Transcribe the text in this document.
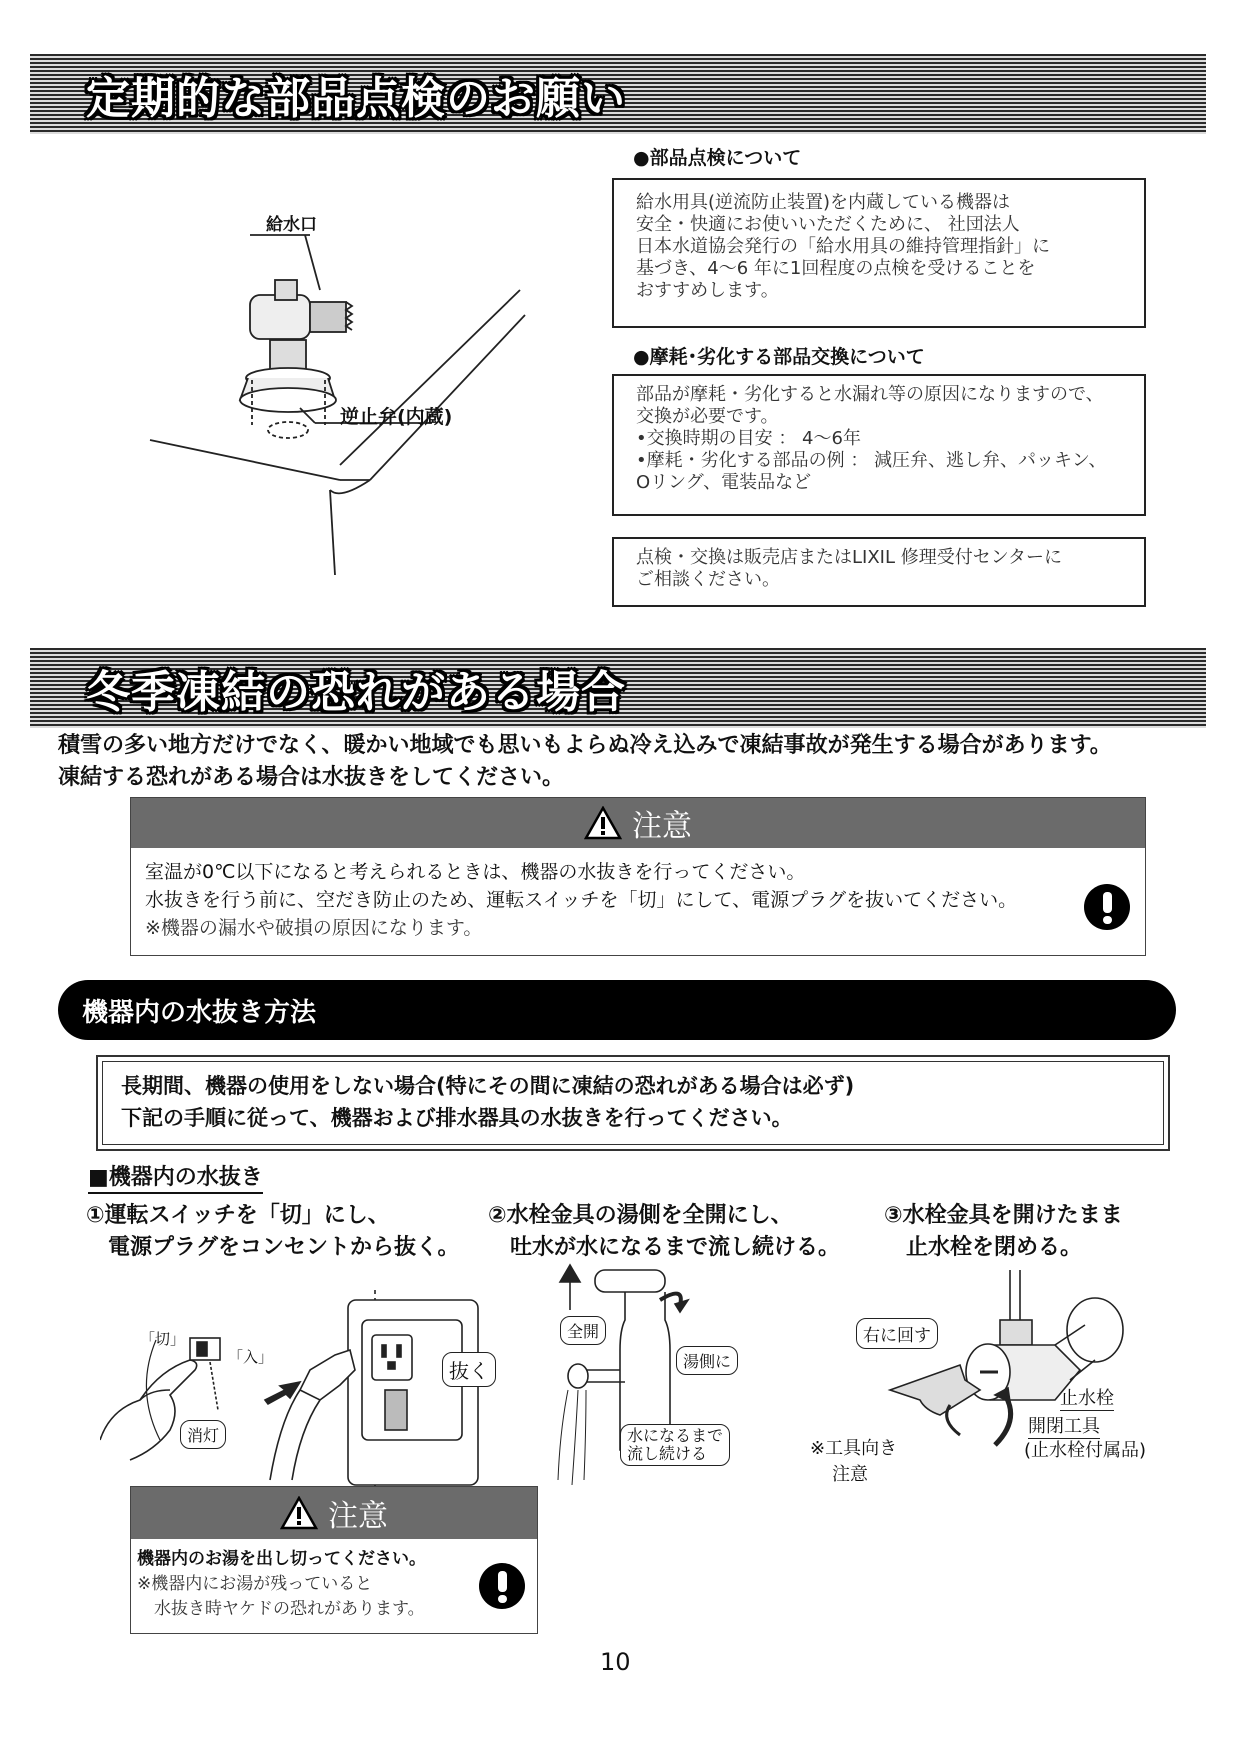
定期的な部品点検のお願い
給水口
逆止弁(内蔵)
●部品点検について

給水用具(逆流防止装置)を内蔵している機器は

安全・快適にお使いいただくために、 社団法人

日本水道協会発行の「給水用具の維持管理指針」に

基づき、4～6 年に1回程度の点検を受けることを

おすすめします。

●摩耗･劣化する部品交換について

部品が摩耗・劣化すると水漏れ等の原因になりますので、

交換が必要です。

•交換時期の目安 ： 4～6年

•摩耗・劣化する部品の例 ： 減圧弁、逃し弁、パッキン、

Oリング、電装品など

点検・交換は販売店またはLIXIL 修理受付センターに

ご相談ください。

冬季凍結の恐れがある場合
積雪の多い地方だけでなく、暖かい地域でも思いもよらぬ冷え込みで凍結事故が発生する場合があります。
凍結する恐れがある場合は水抜きをしてください。
注意

室温が0℃以下になると考えられるときは、機器の水抜きを行ってください。

水抜きを行う前に、空だき防止のため、運転スイッチを「切」にして、電源プラグを抜いてください。

※機器の漏水や破損の原因になります。

機器内の水抜き方法

長期間、機器の使用をしない場合(特にその間に凍結の恐れがある場合は必ず)

下記の手順に従って、機器および排水器具の水抜きを行ってください。

■機器内の水抜き
①運転スイッチを「切」にし、
　電源プラグをコンセントから抜く。
②水栓金具の湯側を全開にし、
　吐水が水になるまで流し続ける。
③水栓金具を開けたまま
　止水栓を閉める。
「切」
「入」
消灯
抜く
全開
湯側に
水になるまで
流し続ける
右に回す
止水栓
開閉工具
(止水栓付属品)
※工具向き
注意
注意

機器内のお湯を出し切ってください。

※機器内にお湯が残っていると

　水抜き時ヤケドの恐れがあります。

10
